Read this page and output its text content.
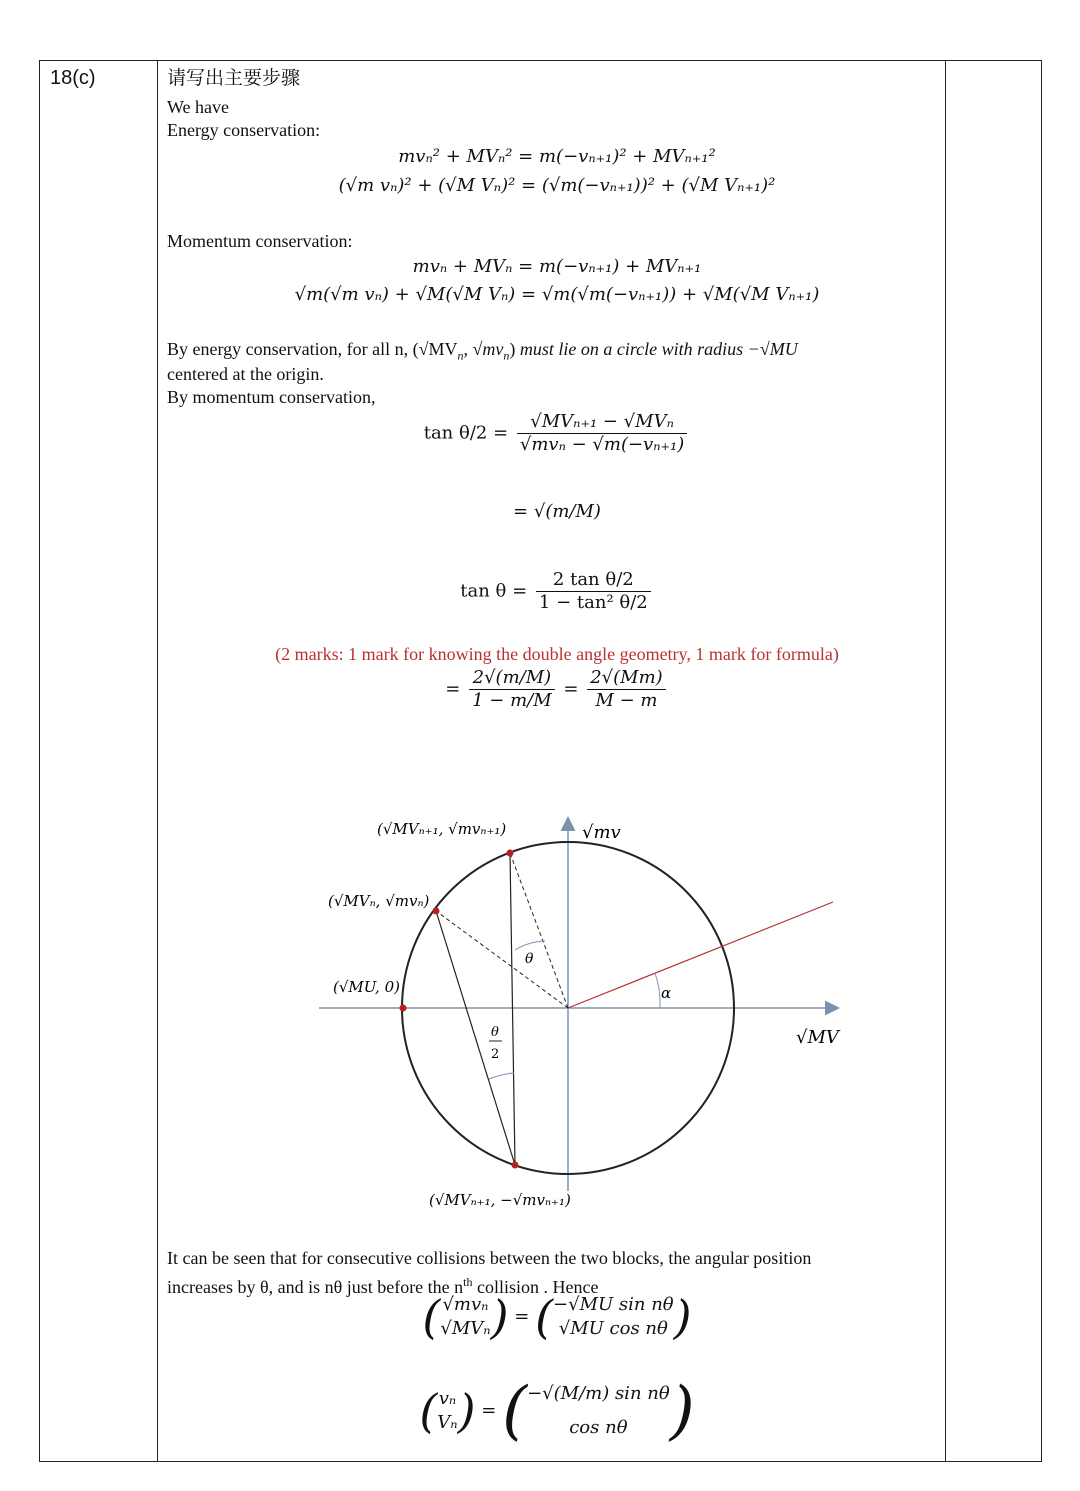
18(c)	请写出主要步骤
We have
Energy conservation:
mvₙ² + MVₙ² = m(−vₙ₊₁)² + MVₙ₊₁²
(√m vₙ)² + (√M Vₙ)² = (√m(−vₙ₊₁))² + (√M Vₙ₊₁)²
Momentum conservation:
mvₙ + MVₙ = m(−vₙ₊₁) + MVₙ₊₁
√m(√m vₙ) + √M(√M Vₙ) = √m(√m(−vₙ₊₁)) + √M(√M Vₙ₊₁)
By energy conservation, for all n, ($√MV_n$, $√mv_n$) must lie on a circle with radius −√MU
centered at the origin.
By momentum conservation,
$\tan \theta/2 = \frac{\text{√MVₙ₊₁ − √MVₙ}}{\text{√mvₙ − √m(−vₙ₊₁)}}$
= √(m/M)
$\tan \theta = \frac{\text{2 tan θ/2}}{\text{1 − tan² θ/2}}$
(2 marks: 1 mark for knowing the double angle geometry, 1 mark for formula)
= $\frac{2√(m/M)}{1 - m/M} = \frac{2√(Mm)}{M - m}$
√mv
√MV
(√MVₙ₊₁, √mvₙ₊₁)
(√MVₙ, √mvₙ)
(√MU, 0)
(√MVₙ₊₁, −√mvₙ₊₁)
θ
θ
2
α
It can be seen that for consecutive collisions between the two blocks, the angular position
increases by θ, and is nθ just before the $n^{th}$ collision . Hence
( √mvₙ
√MVₙ ) = ( −√MU sin nθ
√MU cos nθ )
( vₙ
Vₙ ) = ( −√(M/m) sin nθ
cos nθ )
